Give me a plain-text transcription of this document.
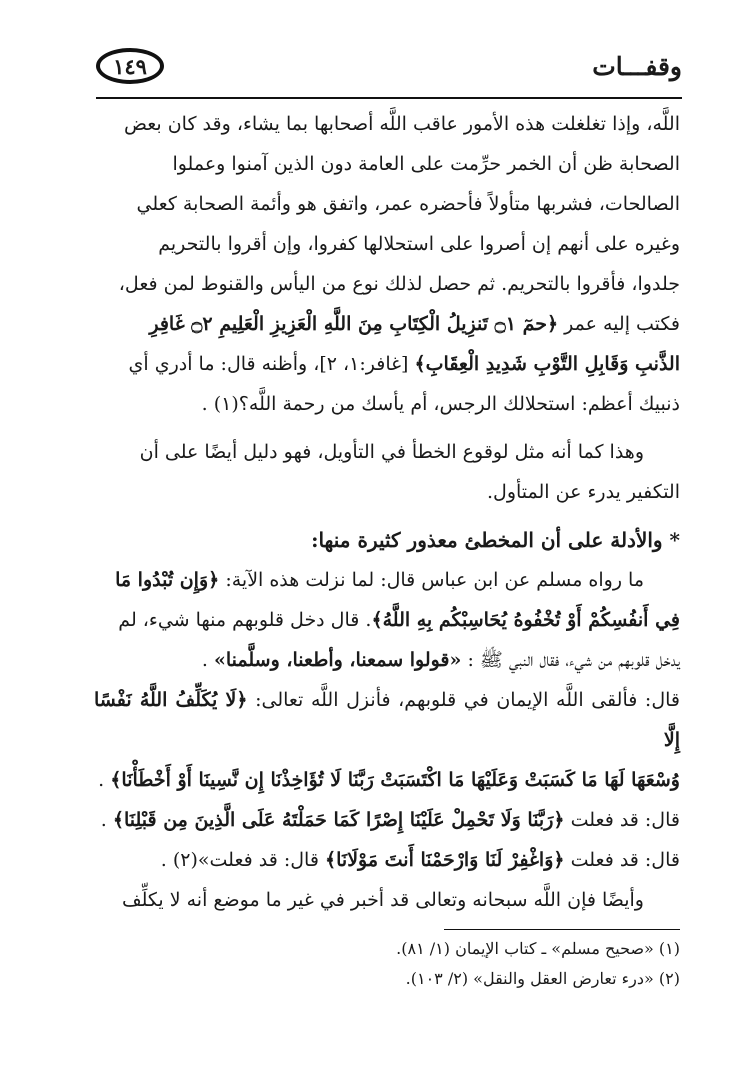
وقفـــات
١٤٩

اللَّه، وإذا تغلغلت هذه الأمور عاقب اللَّه أصحابها بما يشاء، وقد كان بعض

الصحابة ظن أن الخمر حرِّمت على العامة دون الذين آمنوا وعملوا

الصالحات، فشربها متأولاً فأحضره عمر، واتفق هو وأئمة الصحابة كعلي

وغيره على أنهم إن أصروا على استحلالها كفروا، وإن أقروا بالتحريم

جلدوا، فأقروا بالتحريم. ثم حصل لذلك نوع من اليأس والقنوط لمن فعل،

فكتب إليه عمر ﴿حمٓ ۝١ تَنزِيلُ الْكِتَابِ مِنَ اللَّهِ الْعَزِيزِ الْعَلِيمِ ۝٢ غَافِرِ

الذَّنبِ وَقَابِلِ التَّوْبِ شَدِيدِ الْعِقَابِ﴾ [غافر:١، ٢]، وأظنه قال: ما أدري أي

ذنبيك أعظم: استحلالك الرجس، أم يأسك من رحمة اللَّه؟(١) .

وهذا كما أنه مثل لوقوع الخطأ في التأويل، فهو دليل أيضًا على أن

التكفير يدرء عن المتأول.

* والأدلة على أن المخطئ معذور كثيرة منها:

ما رواه مسلم عن ابن عباس قال: لما نزلت هذه الآية: ﴿وَإِن تُبْدُوا مَا

فِي أَنفُسِكُمْ أَوْ تُخْفُوهُ يُحَاسِبْكُم بِهِ اللَّهُ﴾. قال دخل قلوبهم منها شيء، لم

يدخل قلوبهم من شيء، فقال النبي ﷺ : «قولوا سمعنا، وأطعنا، وسلَّمنا» .

قال: فألقى اللَّه الإيمان في قلوبهم، فأنزل اللَّه تعالى: ﴿لَا يُكَلِّفُ اللَّهُ نَفْسًا إِلَّا

وُسْعَهَا لَهَا مَا كَسَبَتْ وَعَلَيْهَا مَا اكْتَسَبَتْ رَبَّنَا لَا تُؤَاخِذْنَا إِن نَّسِينَا أَوْ أَخْطَأْنَا﴾ .

قال: قد فعلت ﴿رَبَّنَا وَلَا تَحْمِلْ عَلَيْنَا إِصْرًا كَمَا حَمَلْتَهُ عَلَى الَّذِينَ مِن قَبْلِنَا﴾ .

قال: قد فعلت ﴿وَاغْفِرْ لَنَا وَارْحَمْنَا أَنتَ مَوْلَانَا﴾ قال: قد فعلت»(٢) .

وأيضًا فإن اللَّه سبحانه وتعالى قد أخبر في غير ما موضع أنه لا يكلِّف

(١) «صحيح مسلم» ـ كتاب الإيمان (١/ ٨١).
(٢) «درء تعارض العقل والنقل» (٢/ ١٠٣).
